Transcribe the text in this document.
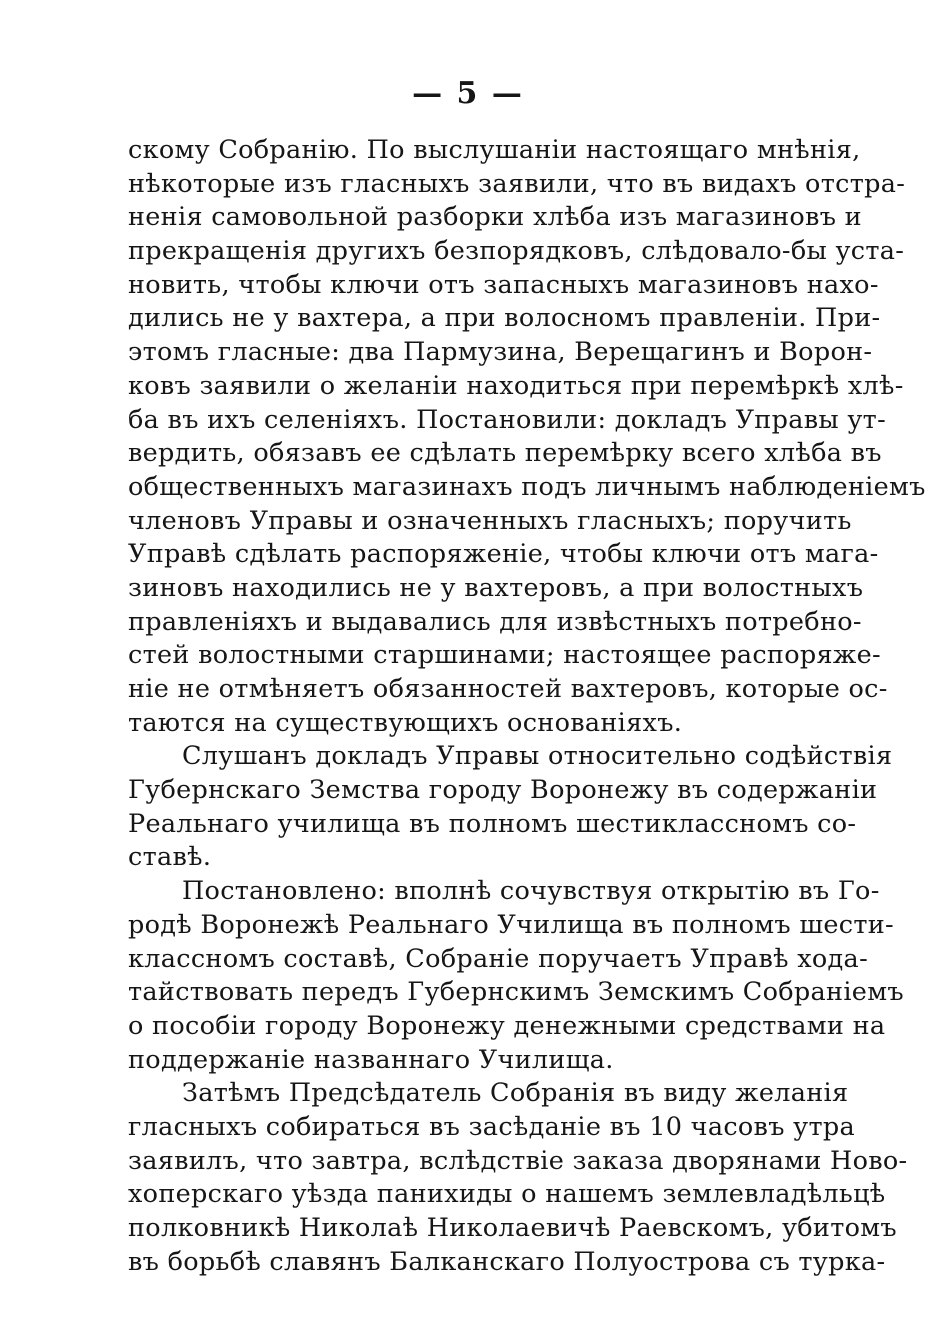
— 5 —
скому Собранію. По выслушаніи настоящаго мнѣнія,
нѣкоторые изъ гласныхъ заявили, что въ видахъ отстра-
ненія самовольной разборки хлѣба изъ магазиновъ и
прекращенія другихъ безпорядковъ, слѣдовало-бы уста-
новить, чтобы ключи отъ запасныхъ магазиновъ нахо-
дились не у вахтера, а при волосномъ правленіи. При-
этомъ гласные: два Пармузина, Верещагинъ и Ворон-
ковъ заявили о желаніи находиться при перемѣркѣ хлѣ-
ба въ ихъ селеніяхъ. Постановили: докладъ Управы ут-
вердить, обязавъ ее сдѣлать перемѣрку всего хлѣба въ
общественныхъ магазинахъ подъ личнымъ наблюденіемъ
членовъ Управы и означенныхъ гласныхъ; поручить
Управѣ сдѣлать распоряженіе, чтобы ключи отъ мага-
зиновъ находились не у вахтеровъ, а при волостныхъ
правленіяхъ и выдавались для извѣстныхъ потребно-
стей волостными старшинами; настоящее распоряже-
ніе не отмѣняетъ обязанностей вахтеровъ, которые ос-
таются на существующихъ основаніяхъ.
Слушанъ докладъ Управы относительно содѣйствія
Губернскаго Земства городу Воронежу въ содержаніи
Реальнаго училища въ полномъ шестиклассномъ со-
ставѣ.
Постановлено: вполнѣ сочувствуя открытію въ Го-
родѣ Воронежѣ Реальнаго Училища въ полномъ шести-
классномъ составѣ, Собраніе поручаетъ Управѣ хода-
тайствовать передъ Губернскимъ Земскимъ Собраніемъ
о пособіи городу Воронежу денежными средствами на
поддержаніе названнаго Училища.
Затѣмъ Предсѣдатель Собранія въ виду желанія
гласныхъ собираться въ засѣданіе въ 10 часовъ утра
заявилъ, что завтра, вслѣдствіе заказа дворянами Ново-
хоперскаго уѣзда панихиды о нашемъ землевладѣльцѣ
полковникѣ Николаѣ Николаевичѣ Раевскомъ, убитомъ
въ борьбѣ славянъ Балканскаго Полуострова съ турка-
